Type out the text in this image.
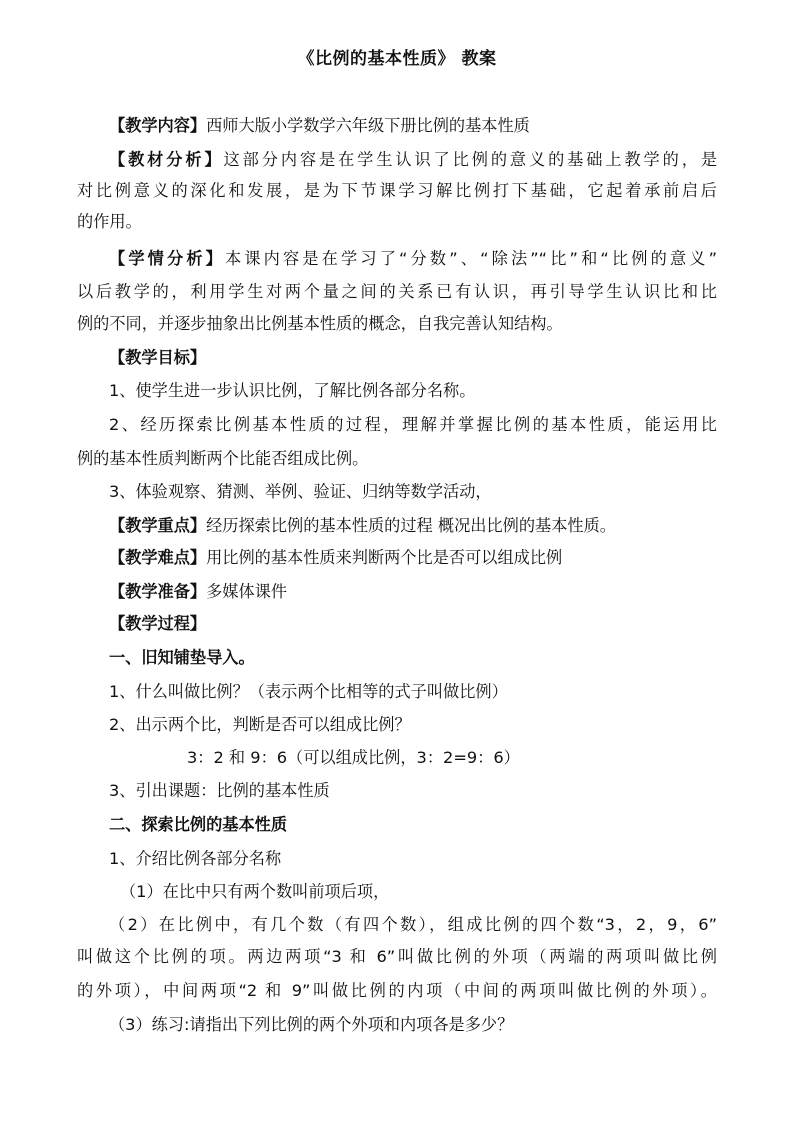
《比例的基本性质》 教案
【教学内容】西师大版小学数学六年级下册比例的基本性质
【教材分析】这部分内容是在学生认识了比例的意义的基础上教学的，是
对比例意义的深化和发展，是为下节课学习解比例打下基础，它起着承前启后
的作用。
【学情分析】本课内容是在学习了“分数”、“除法”“比”和“比例的意义”
以后教学的，利用学生对两个量之间的关系已有认识，再引导学生认识比和比
例的不同，并逐步抽象出比例基本性质的概念，自我完善认知结构。
【教学目标】
1、使学生进一步认识比例，了解比例各部分名称。
2、经历探索比例基本性质的过程，理解并掌握比例的基本性质，能运用比
例的基本性质判断两个比能否组成比例。
3、体验观察、猜测、举例、验证、归纳等数学活动，
【教学重点】经历探索比例的基本性质的过程 概况出比例的基本性质。
【教学难点】用比例的基本性质来判断两个比是否可以组成比例
【教学准备】多媒体课件
【教学过程】
一、旧知铺垫导入。
1、什么叫做比例？（表示两个比相等的式子叫做比例）
2、出示两个比，判断是否可以组成比例？
3：2 和 9：6（可以组成比例，3：2=9：6）
3、引出课题：比例的基本性质
二、探索比例的基本性质
1、介绍比例各部分名称
（1）在比中只有两个数叫前项后项，
（2）在比例中，有几个数（有四个数），组成比例的四个数“3，2，9，6”
叫做这个比例的项。两边两项“3 和 6”叫做比例的外项（两端的两项叫做比例
的外项），中间两项“2 和 9”叫做比例的内项（中间的两项叫做比例的外项）。
（3）练习:请指出下列比例的两个外项和内项各是多少？
